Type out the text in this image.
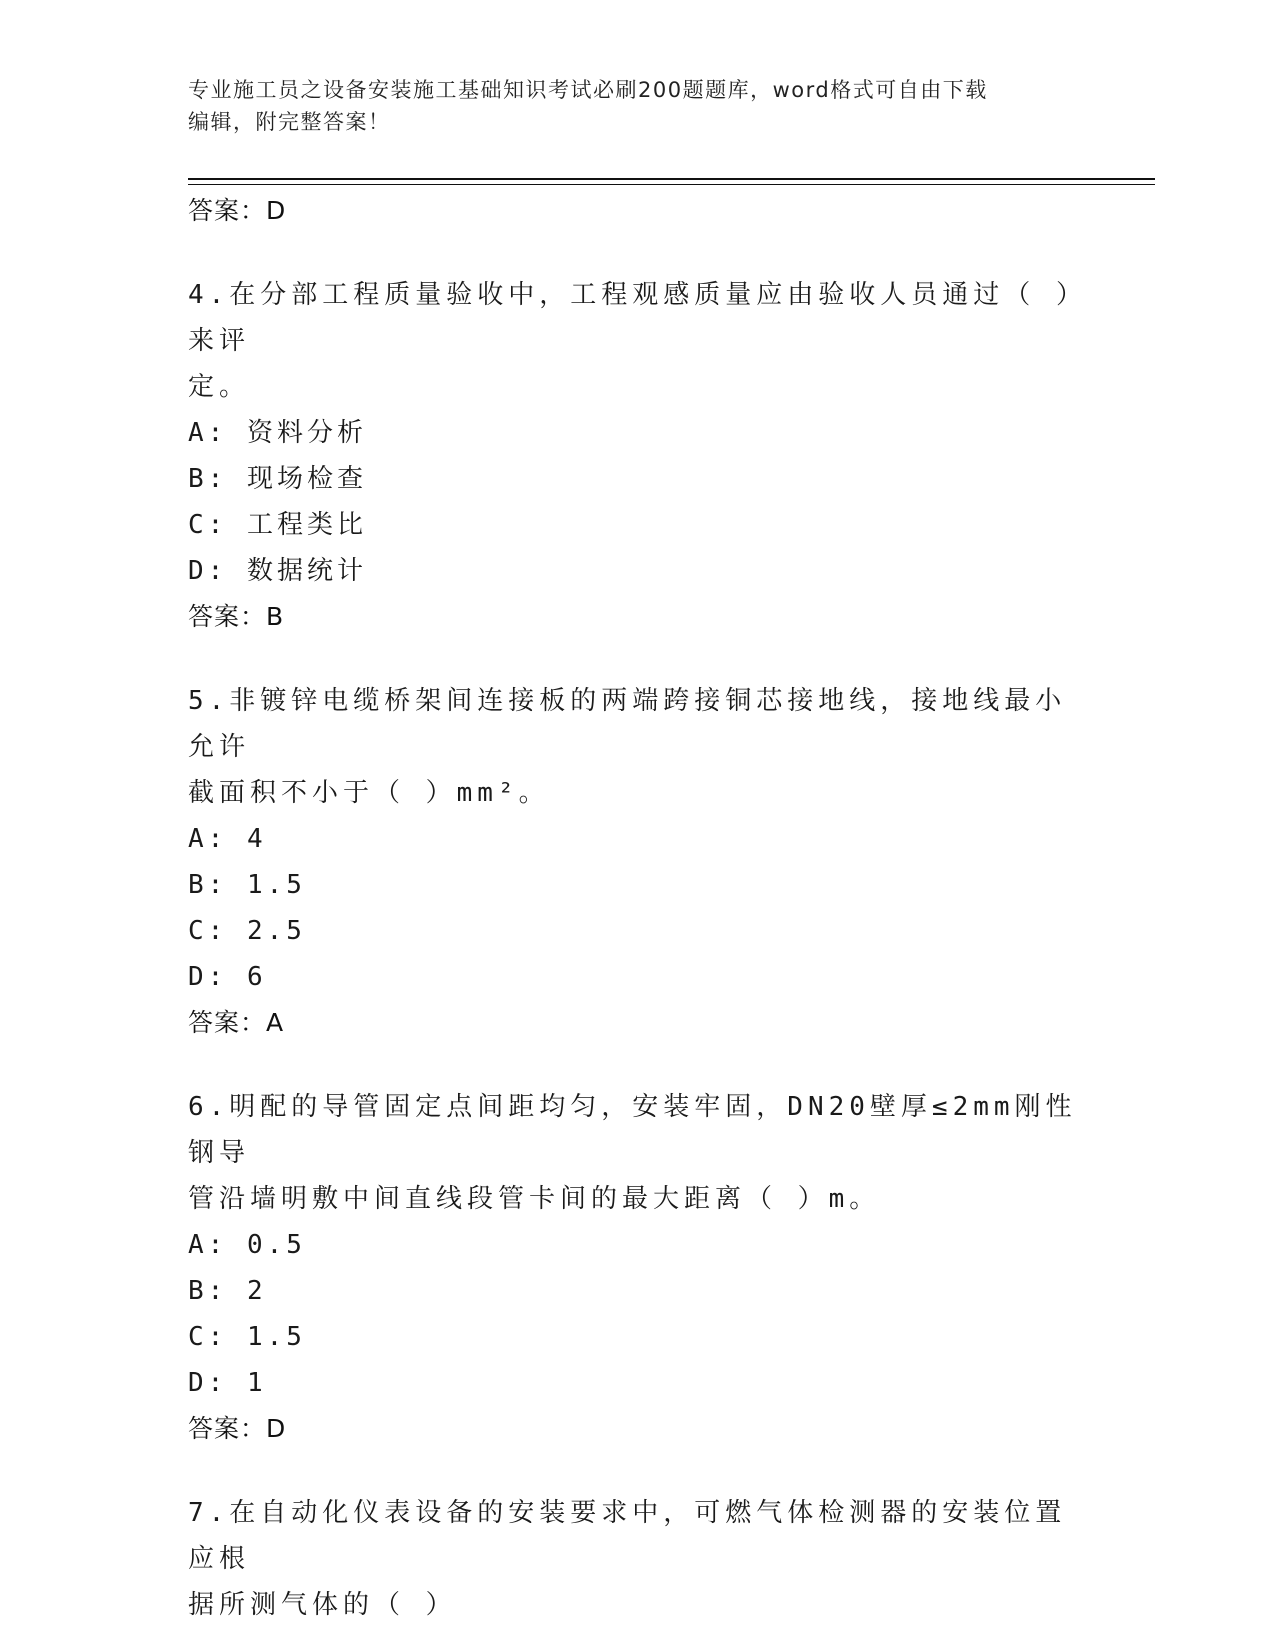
专业施工员之设备安装施工基础知识考试必刷200题题库，word格式可自由下载
编辑，附完整答案！
答案：D
4.在分部工程质量验收中，工程观感质量应由验收人员通过（ ）来评
定。
A: 资料分析
B: 现场检查
C: 工程类比
D: 数据统计
答案：B
5.非镀锌电缆桥架间连接板的两端跨接铜芯接地线，接地线最小允许
截面积不小于（ ）mm²。
A: 4
B: 1.5
C: 2.5
D: 6
答案：A
6.明配的导管固定点间距均匀，安装牢固，DN20壁厚≤2mm刚性钢导
管沿墙明敷中间直线段管卡间的最大距离（ ）m。
A: 0.5
B: 2
C: 1.5
D: 1
答案：D
7.在自动化仪表设备的安装要求中，可燃气体检测器的安装位置应根
据所测气体的（ ）
